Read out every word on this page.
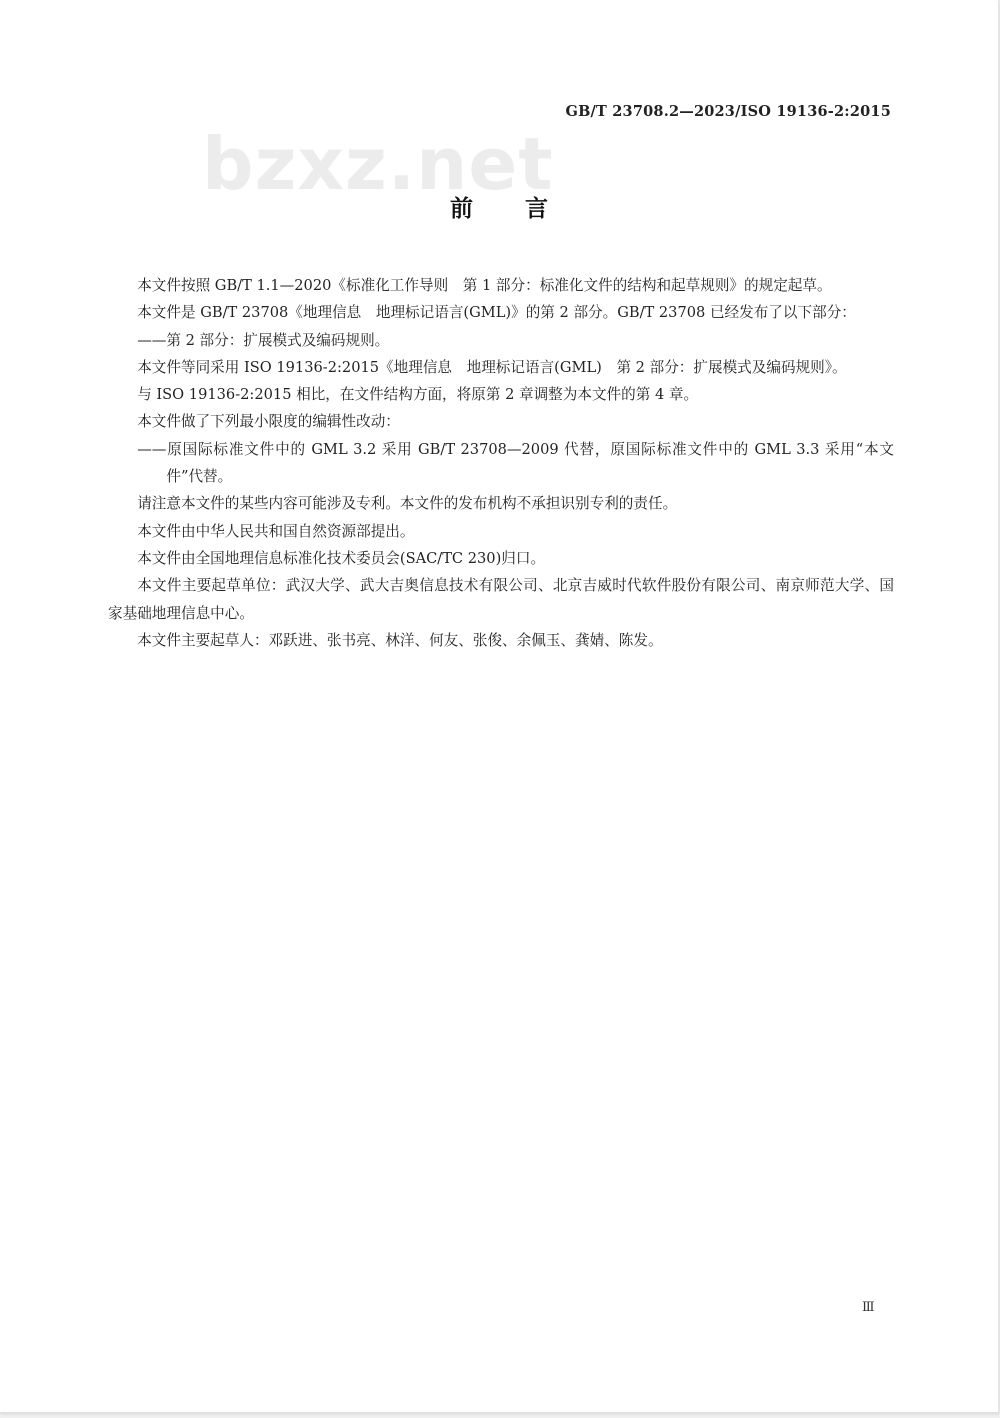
GB/T 23708.2—2023/ISO 19136-2:2015
bzxz.net
前言

本文件按照 GB/T 1.1—2020《标准化工作导则　第 1 部分：标准化文件的结构和起草规则》的规定起草。

本文件是 GB/T 23708《地理信息　地理标记语言(GML)》的第 2 部分。GB/T 23708 已经发布了以下部分：

——第 2 部分：扩展模式及编码规则。

本文件等同采用 ISO 19136-2:2015《地理信息　地理标记语言(GML)　第 2 部分：扩展模式及编码规则》。

与 ISO 19136-2:2015 相比，在文件结构方面，将原第 2 章调整为本文件的第 4 章。

本文件做了下列最小限度的编辑性改动：

——原国际标准文件中的 GML 3.2 采用 GB/T 23708—2009 代替，原国际标准文件中的 GML 3.3 采用“本文件”代替。

请注意本文件的某些内容可能涉及专利。本文件的发布机构不承担识别专利的责任。

本文件由中华人民共和国自然资源部提出。

本文件由全国地理信息标准化技术委员会(SAC/TC 230)归口。

本文件主要起草单位：武汉大学、武大吉奥信息技术有限公司、北京吉威时代软件股份有限公司、南京师范大学、国家基础地理信息中心。

本文件主要起草人：邓跃进、张书亮、林洋、何友、张俊、余佩玉、龚婧、陈发。

Ⅲ
